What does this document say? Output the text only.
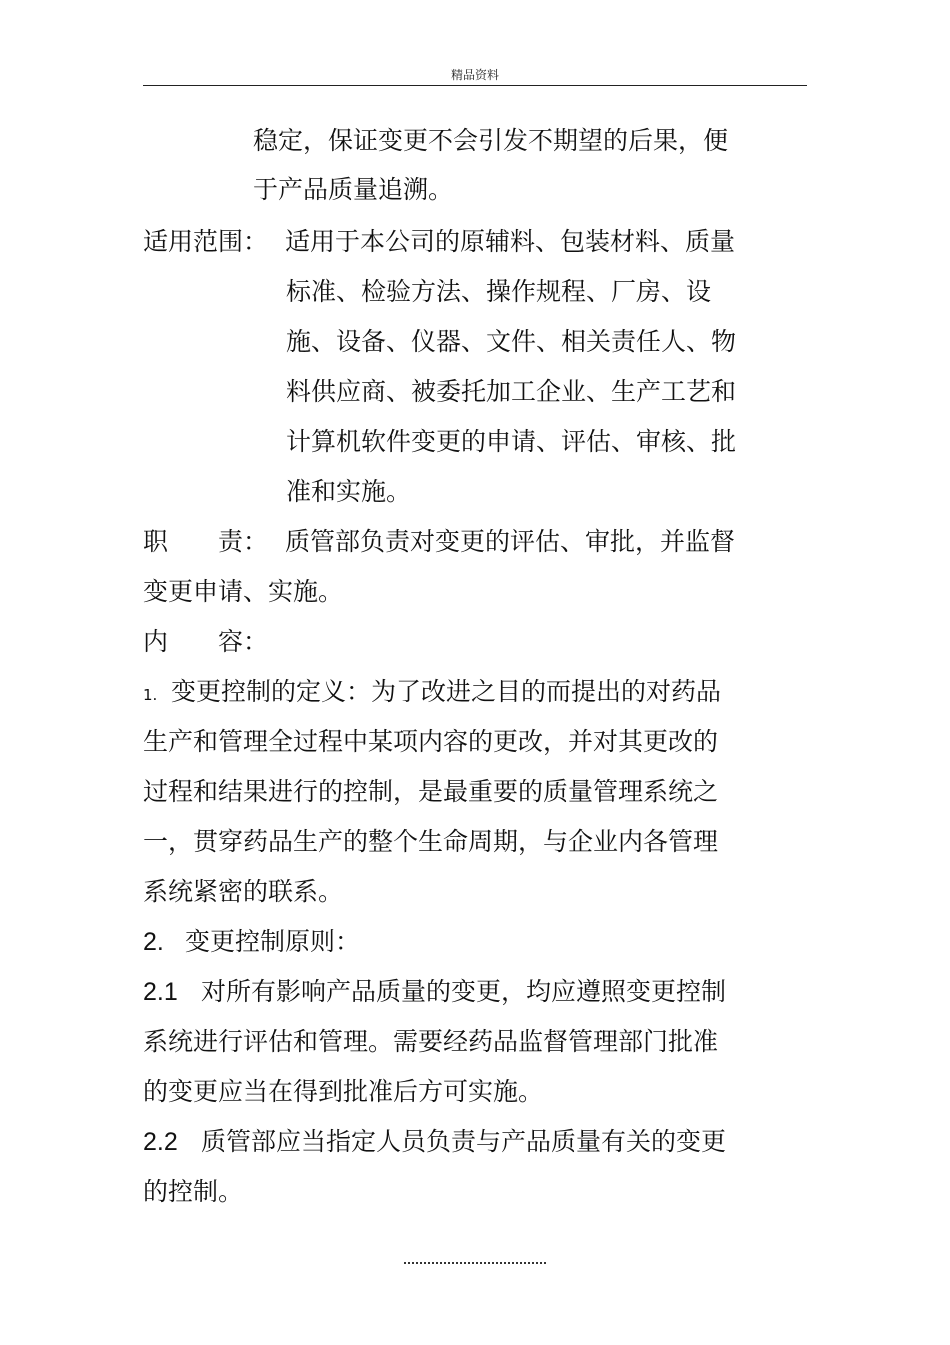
精品资料
稳定，保证变更不会引发不期望的后果，便
于产品质量追溯。
适用范围： 适用于本公司的原辅料、包装材料、质量
标准、检验方法、操作规程、厂房、设
施、设备、仪器、文件、相关责任人、物
料供应商、被委托加工企业、生产工艺和
计算机软件变更的申请、评估、审核、批
准和实施。
职　　责： 质管部负责对变更的评估、审批，并监督
变更申请、实施。
内　　容：
1. 变更控制的定义：为了改进之目的而提出的对药品
生产和管理全过程中某项内容的更改，并对其更改的
过程和结果进行的控制，是最重要的质量管理系统之
一，贯穿药品生产的整个生命周期，与企业内各管理
系统紧密的联系。
2. 变更控制原则：
2.1 对所有影响产品质量的变更，均应遵照变更控制
系统进行评估和管理。需要经药品监督管理部门批准
的变更应当在得到批准后方可实施。
2.2 质管部应当指定人员负责与产品质量有关的变更
的控制。
